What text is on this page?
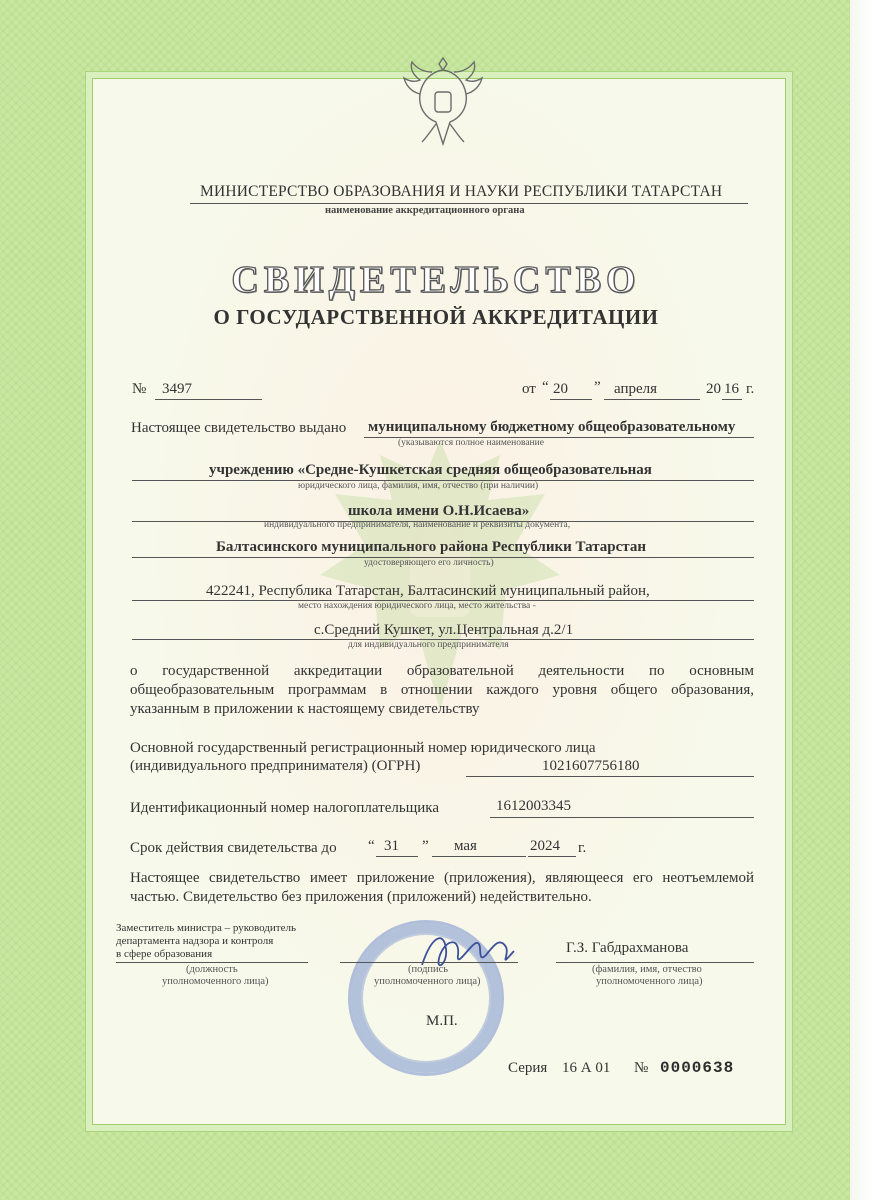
МИНИСТЕРСТВО ОБРАЗОВАНИЯ И НАУКИ РЕСПУБЛИКИ ТАТАРСТАН
наименование аккредитационного органа
СВИДЕТЕЛЬСТВО
О ГОСУДАРСТВЕННОЙ АККРЕДИТАЦИИ
№ 3497	от “ 20 ” апреля	20 16 г.
Настоящее свидетельство выдано муниципальному бюджетному общеобразовательному
(указываются полное наименование
учреждению «Средне-Кушкетская средняя общеобразовательная
юридического лица, фамилия, имя, отчество (при наличии)
школа имени О.Н.Исаева»
индивидуального предпринимателя, наименование и реквизиты документа,
Балтасинского муниципального района Республики Татарстан
удостоверяющего его личность)
422241, Республика Татарстан, Балтасинский муниципальный район,
место нахождения юридического лица, место жительства -
с.Средний Кушкет, ул.Центральная д.2/1
для индивидуального предпринимателя
о государственной аккредитации образовательной деятельности по основным общеобразовательным программам в отношении каждого уровня общего образования, указанным в приложении к настоящему свидетельству
Основной государственный регистрационный номер юридического лица
(индивидуального предпринимателя) (ОГРН)	1021607756180
Идентификационный номер налогоплательщика	1612003345
Срок действия свидетельства до “ 31 ” мая	2024 г.
Настоящее свидетельство имеет приложение (приложения), являющееся его неотъемлемой частью. Свидетельство без приложения (приложений) недействительно.
Заместитель министра – руководитель
департамента надзора и контроля
в сфере образования
(должность
уполномоченного лица)
(подпись
уполномоченного лица)
Г.З. Габдрахманова
(фамилия, имя, отчество
уполномоченного лица)
М.П.
Серия 16 А 01 № 0000638
